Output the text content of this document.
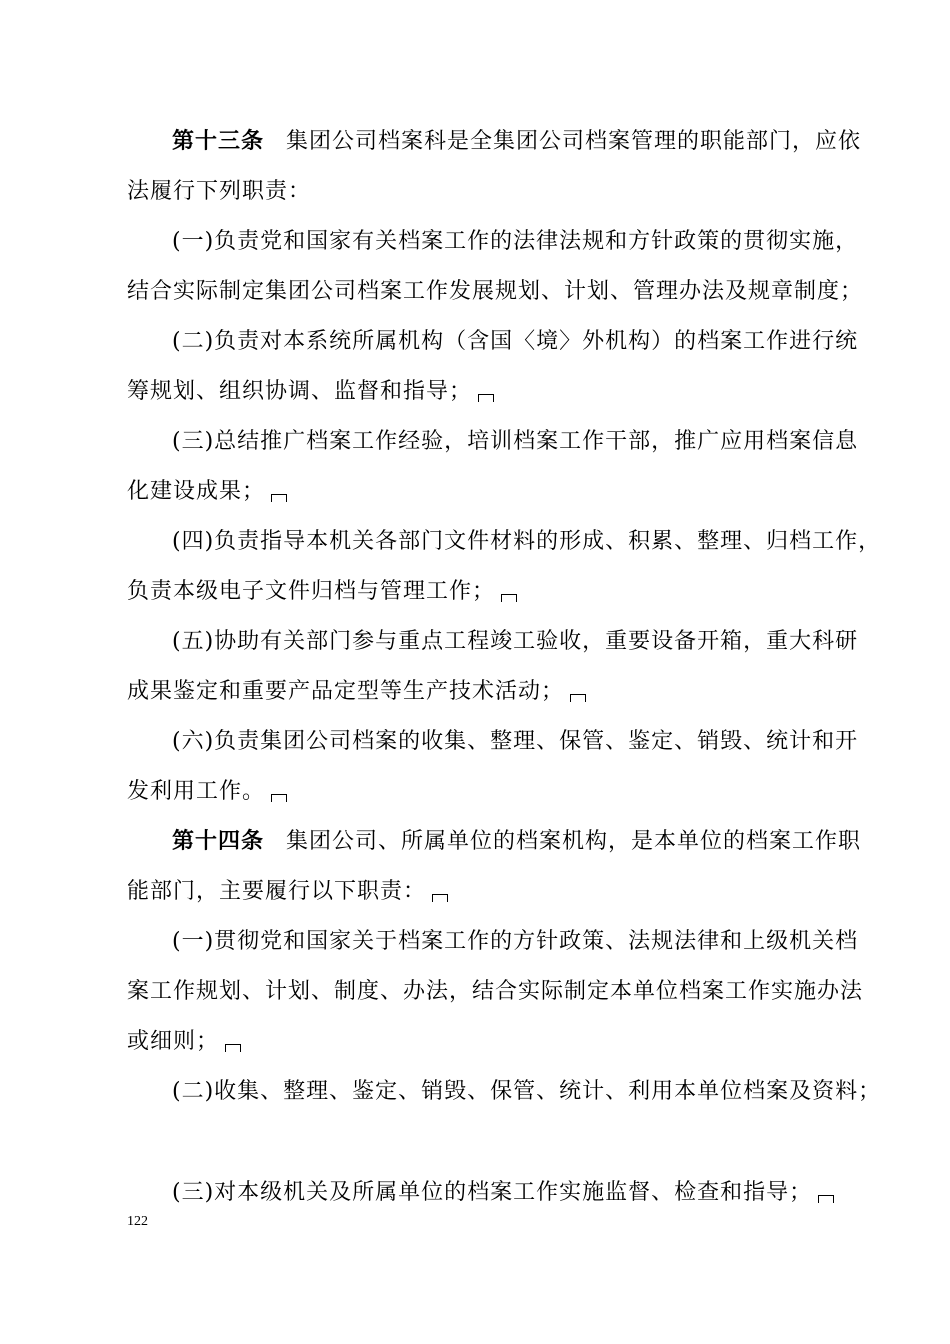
第十三条 集团公司档案科是全集团公司档案管理的职能部门，应依
法履行下列职责：
(一)负责党和国家有关档案工作的法律法规和方针政策的贯彻实施，
结合实际制定集团公司档案工作发展规划、计划、管理办法及规章制度；
(二)负责对本系统所属机构（含国〈境〉外机构）的档案工作进行统
筹规划、组织协调、监督和指导；
(三)总结推广档案工作经验，培训档案工作干部，推广应用档案信息
化建设成果；
(四)负责指导本机关各部门文件材料的形成、积累、整理、归档工作，
负责本级电子文件归档与管理工作；
(五)协助有关部门参与重点工程竣工验收，重要设备开箱，重大科研
成果鉴定和重要产品定型等生产技术活动；
(六)负责集团公司档案的收集、整理、保管、鉴定、销毁、统计和开
发利用工作。
第十四条 集团公司、所属单位的档案机构，是本单位的档案工作职
能部门，主要履行以下职责：
(一)贯彻党和国家关于档案工作的方针政策、法规法律和上级机关档
案工作规划、计划、制度、办法，结合实际制定本单位档案工作实施办法
或细则；
(二)收集、整理、鉴定、销毁、保管、统计、利用本单位档案及资料；
(三)对本级机关及所属单位的档案工作实施监督、检查和指导；
122
